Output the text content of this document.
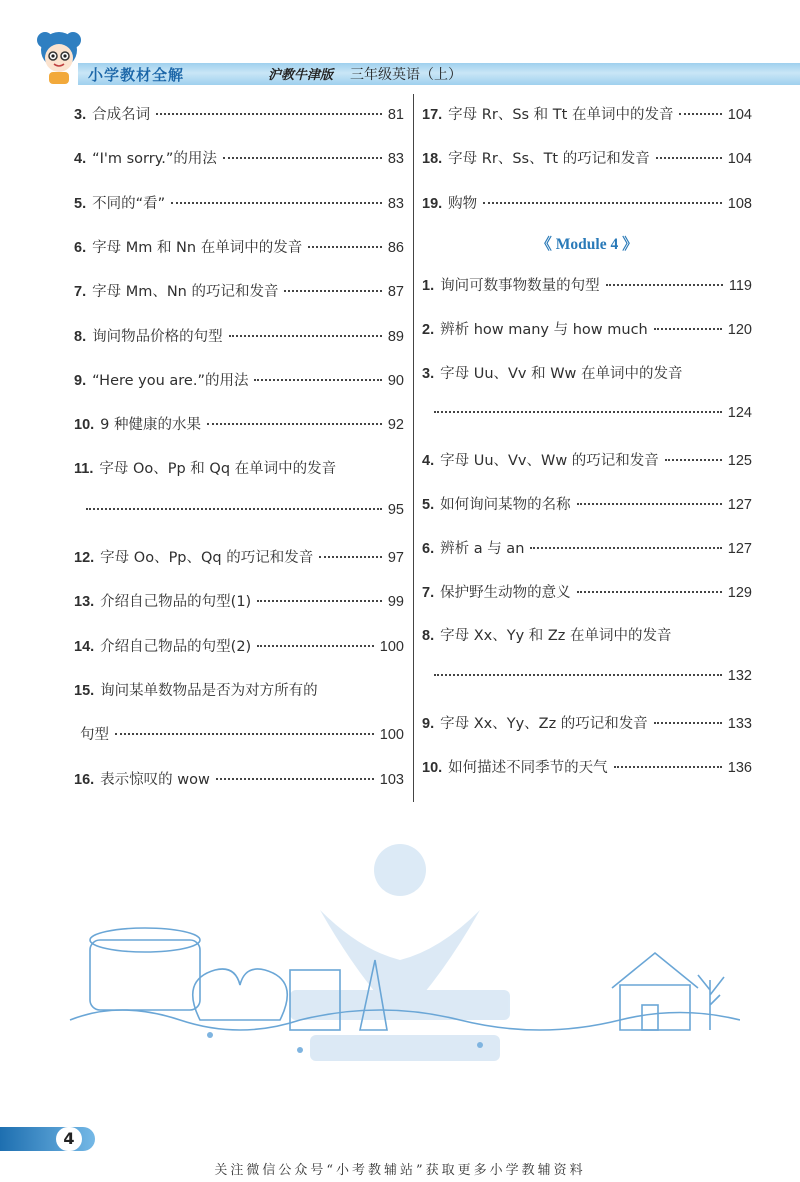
小学教材全解	沪教牛津版 三年级英语（上）
3. 合成名词	81
4. “I'm sorry.”的用法	83
5. 不同的“看”	83
6. 字母 Mm 和 Nn 在单词中的发音	86
7. 字母 Mm、Nn 的巧记和发音	87
8. 询问物品价格的句型	89
9. “Here you are.”的用法	90
10. 9 种健康的水果	92
11. 字母 Oo、Pp 和 Qq 在单词中的发音
95
12. 字母 Oo、Pp、Qq 的巧记和发音	97
13. 介绍自己物品的句型(1)	99
14. 介绍自己物品的句型(2)	100
15. 询问某单数物品是否为对方所有的
句型	100
16. 表示惊叹的 wow	103
17. 字母 Rr、Ss 和 Tt 在单词中的发音	104
18. 字母 Rr、Ss、Tt 的巧记和发音	104
19. 购物	108
《 Module 4 》
1. 询问可数事物数量的句型	119
2. 辨析 how many 与 how much	120
3. 字母 Uu、Vv 和 Ww 在单词中的发音
124
4. 字母 Uu、Vv、Ww 的巧记和发音	125
5. 如何询问某物的名称	127
6. 辨析 a 与 an	127
7. 保护野生动物的意义	129
8. 字母 Xx、Yy 和 Zz 在单词中的发音
132
9. 字母 Xx、Yy、Zz 的巧记和发音	133
10. 如何描述不同季节的天气	136
4
关注微信公众号“小考教辅站”获取更多小学教辅资料
